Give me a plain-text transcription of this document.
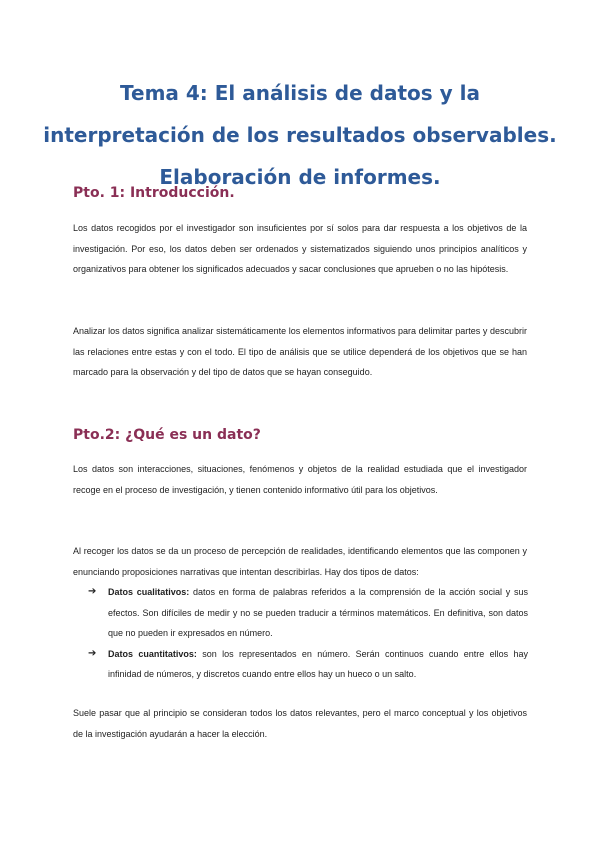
Tema 4: El análisis de datos y la interpretación de los resultados observables. Elaboración de informes.
Pto. 1: Introducción.

Los datos recogidos por el investigador son insuficientes por sí solos para dar respuesta a los objetivos de la investigación. Por eso, los datos deben ser ordenados y sistematizados siguiendo unos principios analíticos y organizativos para obtener los significados adecuados y sacar conclusiones que aprueben o no las hipótesis.

Analizar los datos significa analizar sistemáticamente los elementos informativos para delimitar partes y descubrir las relaciones entre estas y con el todo. El tipo de análisis que se utilice dependerá de los objetivos que se han marcado para la observación y del tipo de datos que se hayan conseguido.

Pto.2: ¿Qué es un dato?

Los datos son interacciones, situaciones, fenómenos y objetos de la realidad estudiada que el investigador recoge en el proceso de investigación, y tienen contenido informativo útil para los objetivos.

Al recoger los datos se da un proceso de percepción de realidades, identificando elementos que las componen y enunciando proposiciones narrativas que intentan describirlas. Hay dos tipos de datos:

➔ Datos cualitativos: datos en forma de palabras referidos a la comprensión de la acción social y sus efectos. Son difíciles de medir y no se pueden traducir a términos matemáticos. En definitiva, son datos que no pueden ir expresados en número.
➔ Datos cuantitativos: son los representados en número. Serán continuos cuando entre ellos hay infinidad de números, y discretos cuando entre ellos hay un hueco o un salto.

Suele pasar que al principio se consideran todos los datos relevantes, pero el marco conceptual y los objetivos de la investigación ayudarán a hacer la elección.
